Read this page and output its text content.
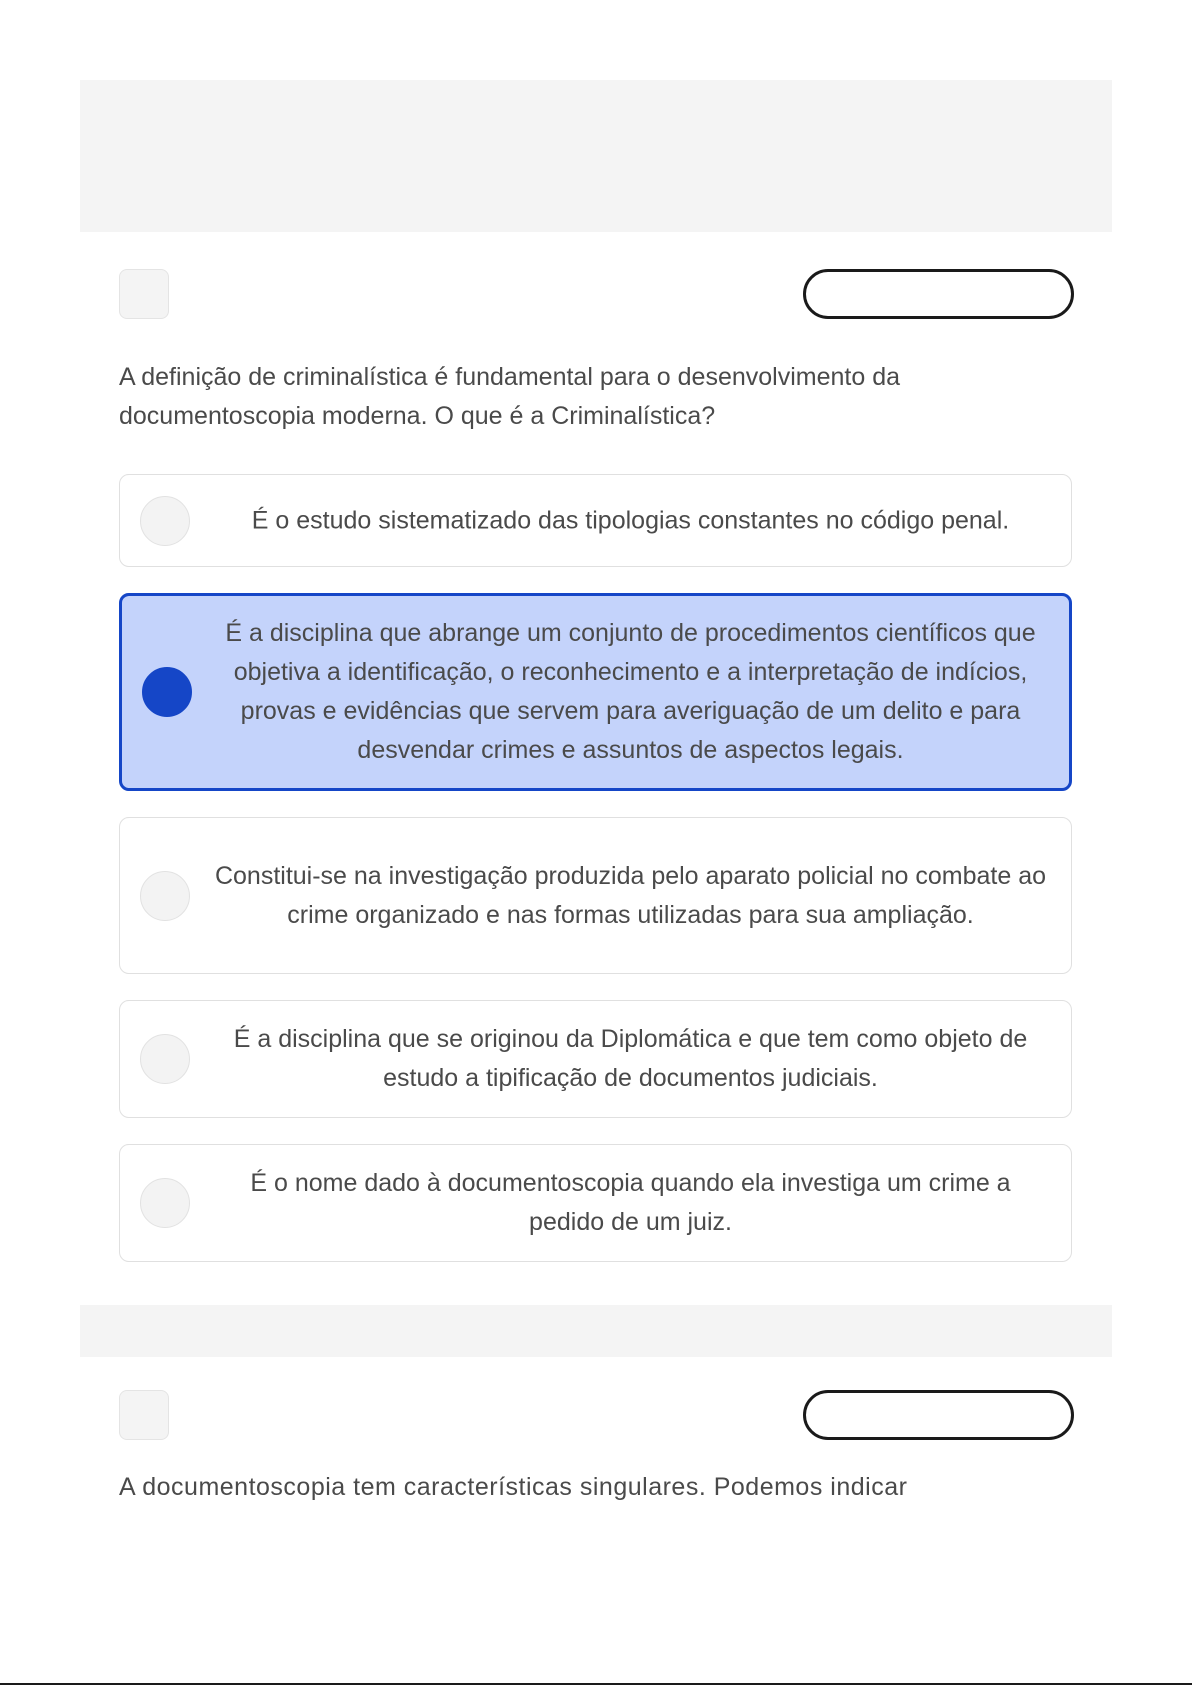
A definição de criminalística é fundamental para o desenvolvimento da documentoscopia moderna. O que é a Criminalística?

É o estudo sistematizado das tipologias constantes no código penal.
É a disciplina que abrange um conjunto de procedimentos científicos que objetiva a identificação, o reconhecimento e a interpretação de indícios, provas e evidências que servem para averiguação de um delito e para desvendar crimes e assuntos de aspectos legais.
Constitui-se na investigação produzida pelo aparato policial no combate ao crime organizado e nas formas utilizadas para sua ampliação.
É a disciplina que se originou da Diplomática e que tem como objeto de estudo a tipificação de documentos judiciais.
É o nome dado à documentoscopia quando ela investiga um crime a pedido de um juiz.
A documentoscopia tem características singulares. Podemos indicar
